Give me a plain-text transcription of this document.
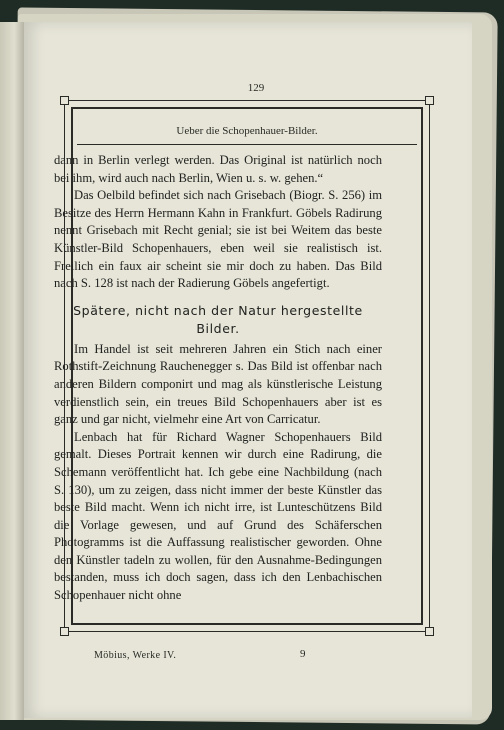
129
Ueber die Schopenhauer-Bilder.

dann in Berlin verlegt werden. Das Original ist natürlich noch bei ihm, wird auch nach Berlin, Wien u. s. w. gehen.“

Das Oelbild befindet sich nach Grisebach (Biogr. S. 256) im Besitze des Herrn Hermann Kahn in Frankfurt. Göbels Radirung nennt Grisebach mit Recht genial; sie ist bei Weitem das beste Künstler-Bild Schopenhauers, eben weil sie realistisch ist. Freilich ein faux air scheint sie mir doch zu haben. Das Bild nach S. 128 ist nach der Radierung Göbels angefertigt.

Spätere, nicht nach der Natur hergestellte Bilder.

Im Handel ist seit mehreren Jahren ein Stich nach einer Rothstift-Zeichnung Rauchenegger s. Das Bild ist offenbar nach anderen Bildern componirt und mag als künstlerische Leistung verdienstlich sein, ein treues Bild Schopenhauers aber ist es ganz und gar nicht, vielmehr eine Art von Carricatur.

Lenbach hat für Richard Wagner Schopenhauers Bild gemalt. Dieses Portrait kennen wir durch eine Radirung, die Schemann veröffentlicht hat. Ich gebe eine Nachbildung (nach S. 130), um zu zeigen, dass nicht immer der beste Künstler das beste Bild macht. Wenn ich nicht irre, ist Lunteschützens Bild die Vorlage gewesen, und auf Grund des Schäferschen Photogramms ist die Auffassung realistischer geworden. Ohne den Künstler tadeln zu wollen, für den Ausnahme-Bedingungen bestanden, muss ich doch sagen, dass ich den Lenbachischen Schopenhauer nicht ohne

Möbius, Werke IV.	9
